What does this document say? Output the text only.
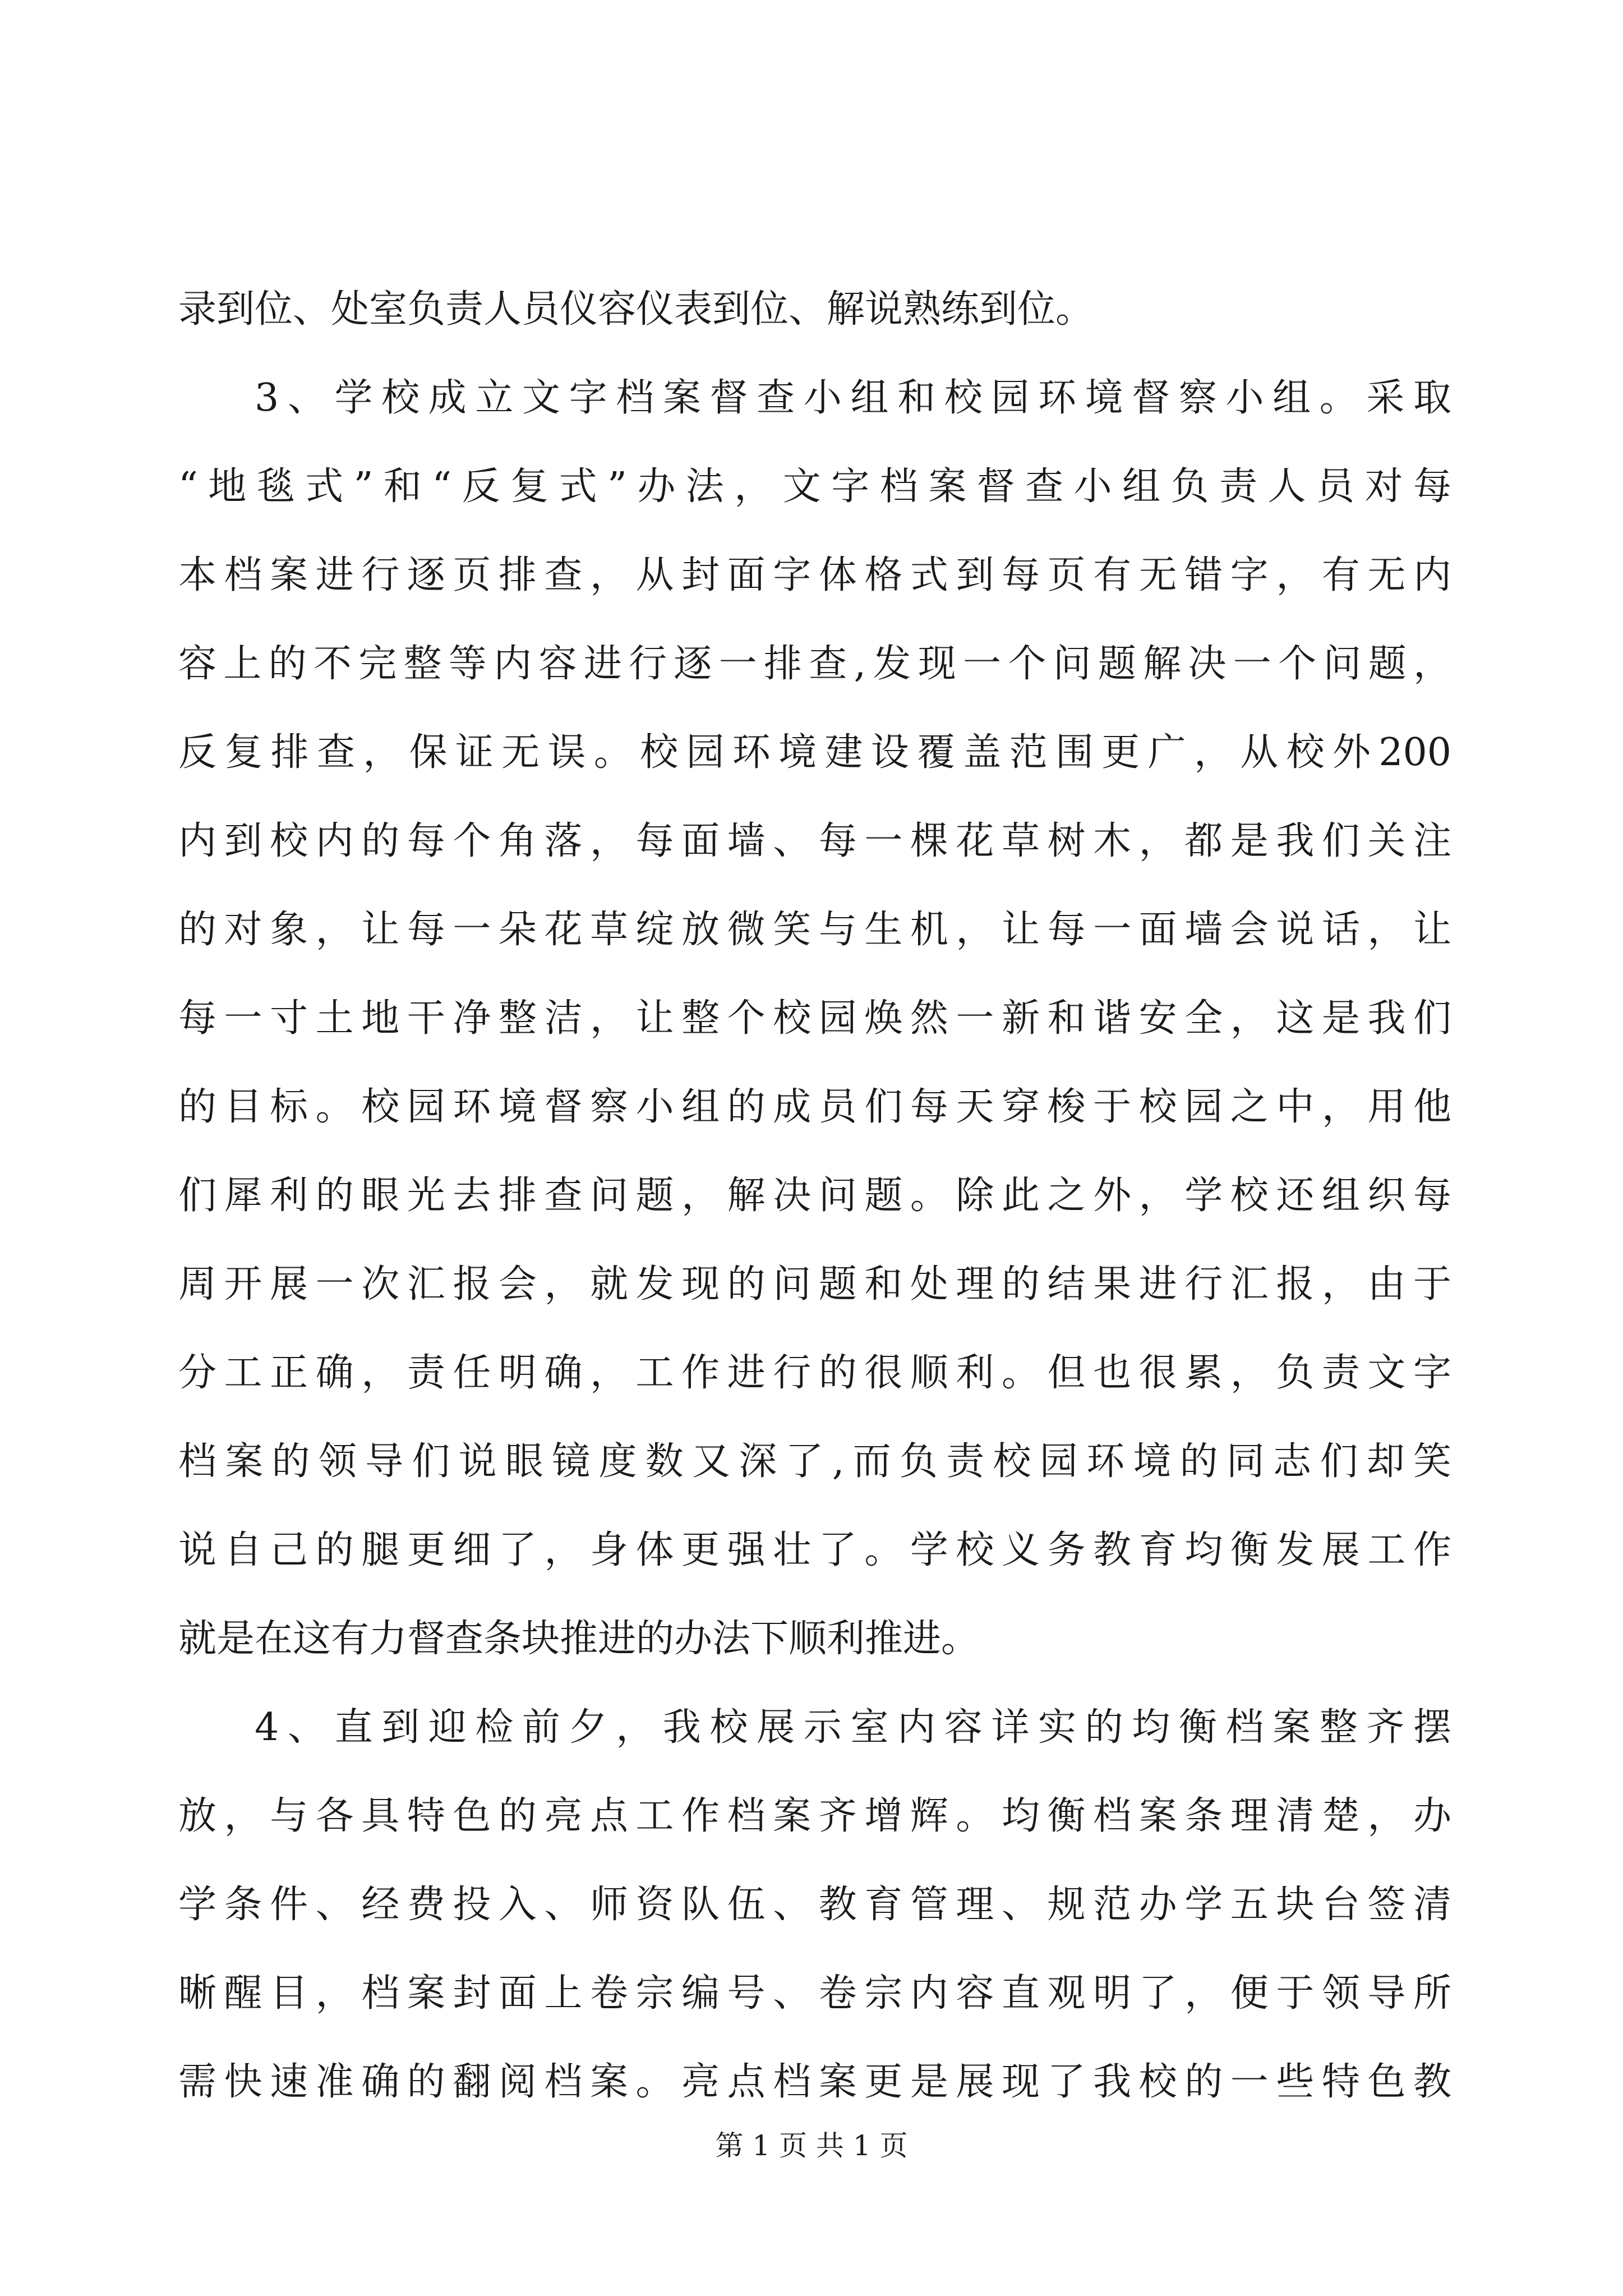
录到位、处室负责人员仪容仪表到位、解说熟练到位。
3、学校成立文字档案督查小组和校园环境督察小组。采取
“地毯式”和“反复式”办法，文字档案督查小组负责人员对每
本档案进行逐页排查，从封面字体格式到每页有无错字，有无内
容上的不完整等内容进行逐一排查,发现一个问题解决一个问题，
反复排查，保证无误。校园环境建设覆盖范围更广，从校外200
内到校内的每个角落，每面墙、每一棵花草树木，都是我们关注
的对象，让每一朵花草绽放微笑与生机，让每一面墙会说话，让
每一寸土地干净整洁，让整个校园焕然一新和谐安全，这是我们
的目标。校园环境督察小组的成员们每天穿梭于校园之中，用他
们犀利的眼光去排查问题，解决问题。除此之外，学校还组织每
周开展一次汇报会，就发现的问题和处理的结果进行汇报，由于
分工正确，责任明确，工作进行的很顺利。但也很累，负责文字
档案的领导们说眼镜度数又深了,而负责校园环境的同志们却笑
说自己的腿更细了，身体更强壮了。学校义务教育均衡发展工作
就是在这有力督查条块推进的办法下顺利推进。
4、直到迎检前夕，我校展示室内容详实的均衡档案整齐摆
放，与各具特色的亮点工作档案齐增辉。均衡档案条理清楚，办
学条件、经费投入、师资队伍、教育管理、规范办学五块台签清
晰醒目，档案封面上卷宗编号、卷宗内容直观明了，便于领导所
需快速准确的翻阅档案。亮点档案更是展现了我校的一些特色教
第 1 页 共 1 页
